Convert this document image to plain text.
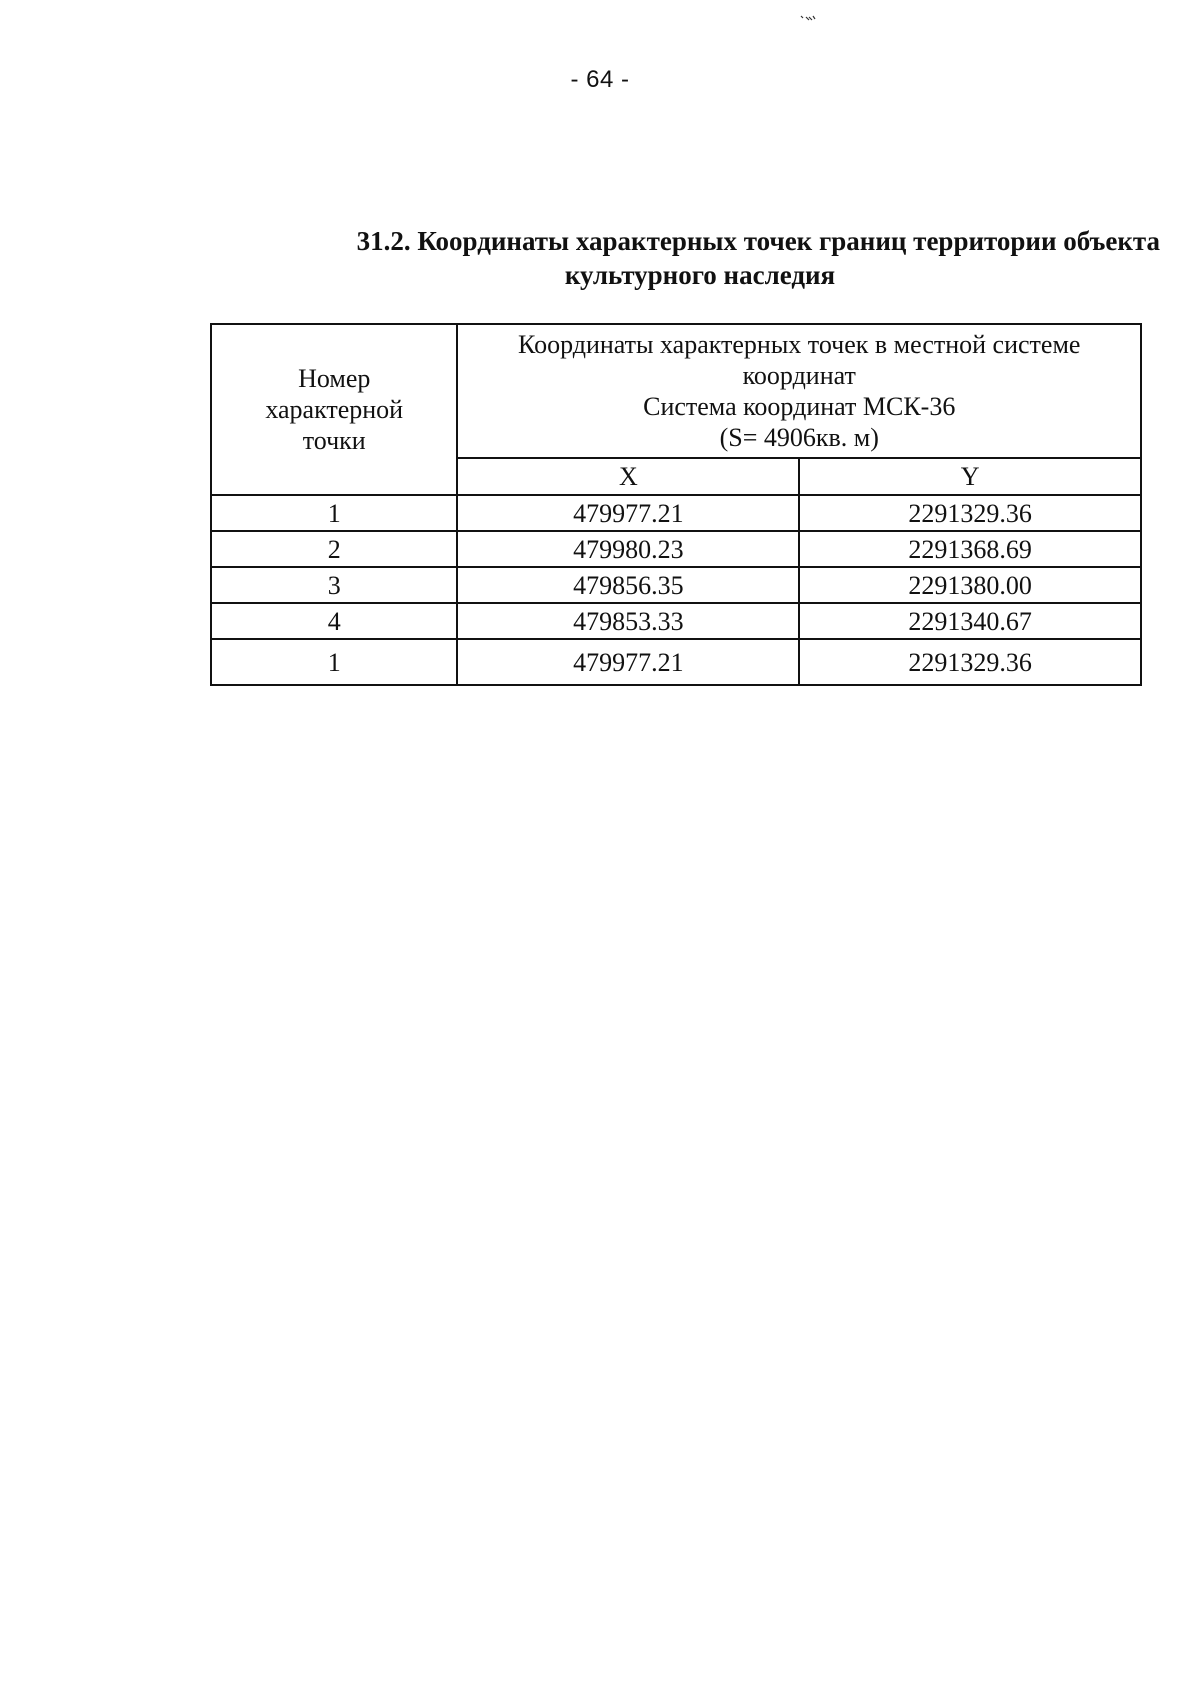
- 64 -
31.2. Координаты характерных точек границ территории объекта
культурного наследия
Номер
характерной
точки	Координаты характерных точек в местной системе
координат
Система координат МСК-36
(S= 4906кв. м)	

	X	Y
1	479977.21	2291329.36
2	479980.23	2291368.69
3	479856.35	2291380.00
4	479853.33	2291340.67
1	479977.21	2291329.36
